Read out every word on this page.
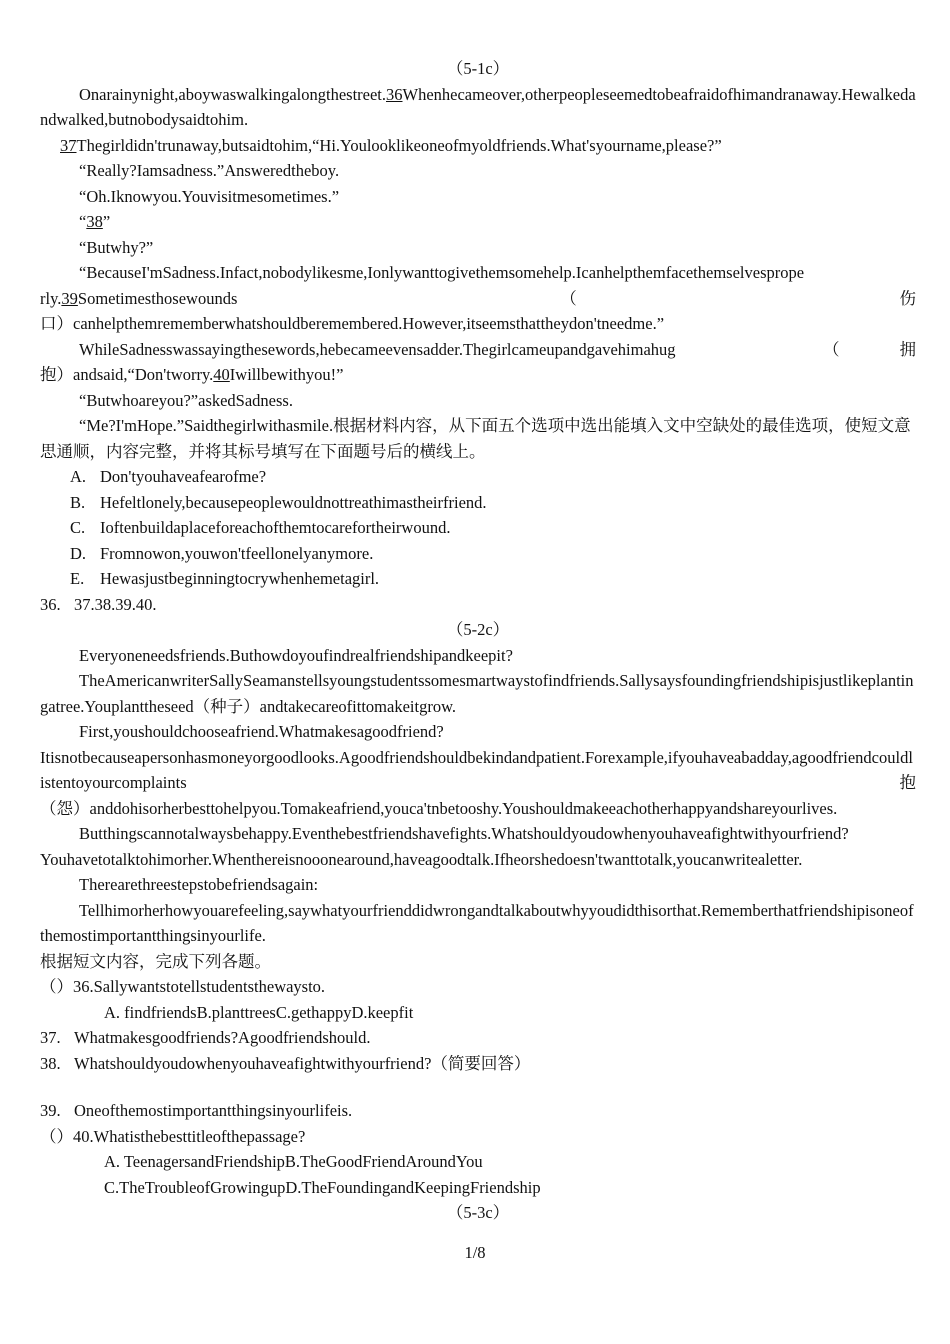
（5-1c）

Onarainynight,aboywaswalkingalongthestreet.36Whenhecameover,otherpeopleseemedtobeafraidofhimandranaway.Hewalkedandwalked,butnobodysaidtohim.

37Thegirldidn'trunaway,butsaidtohim,“Hi.Youlooklikeoneofmyoldfriends.What'syourname,please?”

“Really?Iamsadness.”Answeredtheboy.

“Oh.Iknowyou.Youvisitmesometimes.”

“38”

“Butwhy?”

“BecauseI'mSadness.Infact,nobodylikesme,Ionlywanttogivethemsomehelp.Icanhelpthemfacethemselvesprope

rly.39Sometimesthosewounds	（	伤

口）canhelpthemrememberwhatshouldberemembered.However,itseemsthattheydon'tneedme.”

WhileSadnesswassayingthesewords,hebecameevensadder.Thegirlcameupandgavehimahug	（	拥

抱）andsaid,“Don'tworry.40Iwillbewithyou!”

“Butwhoareyou?”askedSadness.

“Me?I'mHope.”Saidthegirlwithasmile.根据材料内容，从下面五个选项中选出能填入文中空缺处的最佳选项，使短文意思通顺，内容完整，并将其标号填写在下面题号后的横线上。

A. Don'tyouhaveafearofme?

B. Hefeltlonely,becausepeoplewouldnottreathimastheirfriend.

C. Ioftenbuildaplaceforeachofthemtocarefortheirwound.

D. Fromnowon,youwon'tfeellonelyanymore.

E. Hewasjustbeginningtocrywhenhemetagirl.

36. 37.38.39.40.

（5-2c）

Everyoneneedsfriends.Buthowdoyoufindrealfriendshipandkeepit?

TheAmericanwriterSallySeamanstellsyoungstudentssomesmartwaystofindfriends.Sallysaysfoundingfriendshipisjustlikeplantingatree.Youplanttheseed（种子）andtakecareofittomakeitgrow.

First,youshouldchooseafriend.Whatmakesagoodfriend?

Itisnotbecauseapersonhasmoneyorgoodlooks.Agoodfriendshouldbekindandpatient.Forexample,ifyouhaveabadday,agoodfriendcouldlistentoyourcomplaints	抱

（怨）anddohisorherbesttohelpyou.Tomakeafriend,youca'tnbetooshy.Youshouldmakeeachotherhappyandshareyourlives.

Butthingscannotalwaysbehappy.Eventhebestfriendshavefights.Whatshouldyoudowhenyouhaveafightwithyourfriend?

Youhavetotalktohimorher.Whenthereisnooonearound,haveagoodtalk.Ifheorshedoesn'twanttotalk,youcanwritealetter.

Therearethreestepstobefriendsagain:

Tellhimorherhowyouarefeeling,saywhatyourfrienddidwrongandtalkaboutwhyyoudidthisorthat.Rememberthatfriendshipisoneofthemostimportantthingsinyourlife.

根据短文内容，完成下列各题。

（）36.Sallywantstotellstudentsthewaysto.

A. findfriendsB.planttreesC.gethappyD.keepfit

37. Whatmakesgoodfriends?Agoodfriendshould.

38. Whatshouldyoudowhenyouhaveafightwithyourfriend?（简要回答）

39. Oneofthemostimportantthingsinyourlifeis.

（）40.Whatisthebesttitleofthepassage?

A. TeenagersandFriendshipB.TheGoodFriendAroundYou

C.TheTroubleofGrowingupD.TheFoundingandKeepingFriendship

（5-3c）

1/8
